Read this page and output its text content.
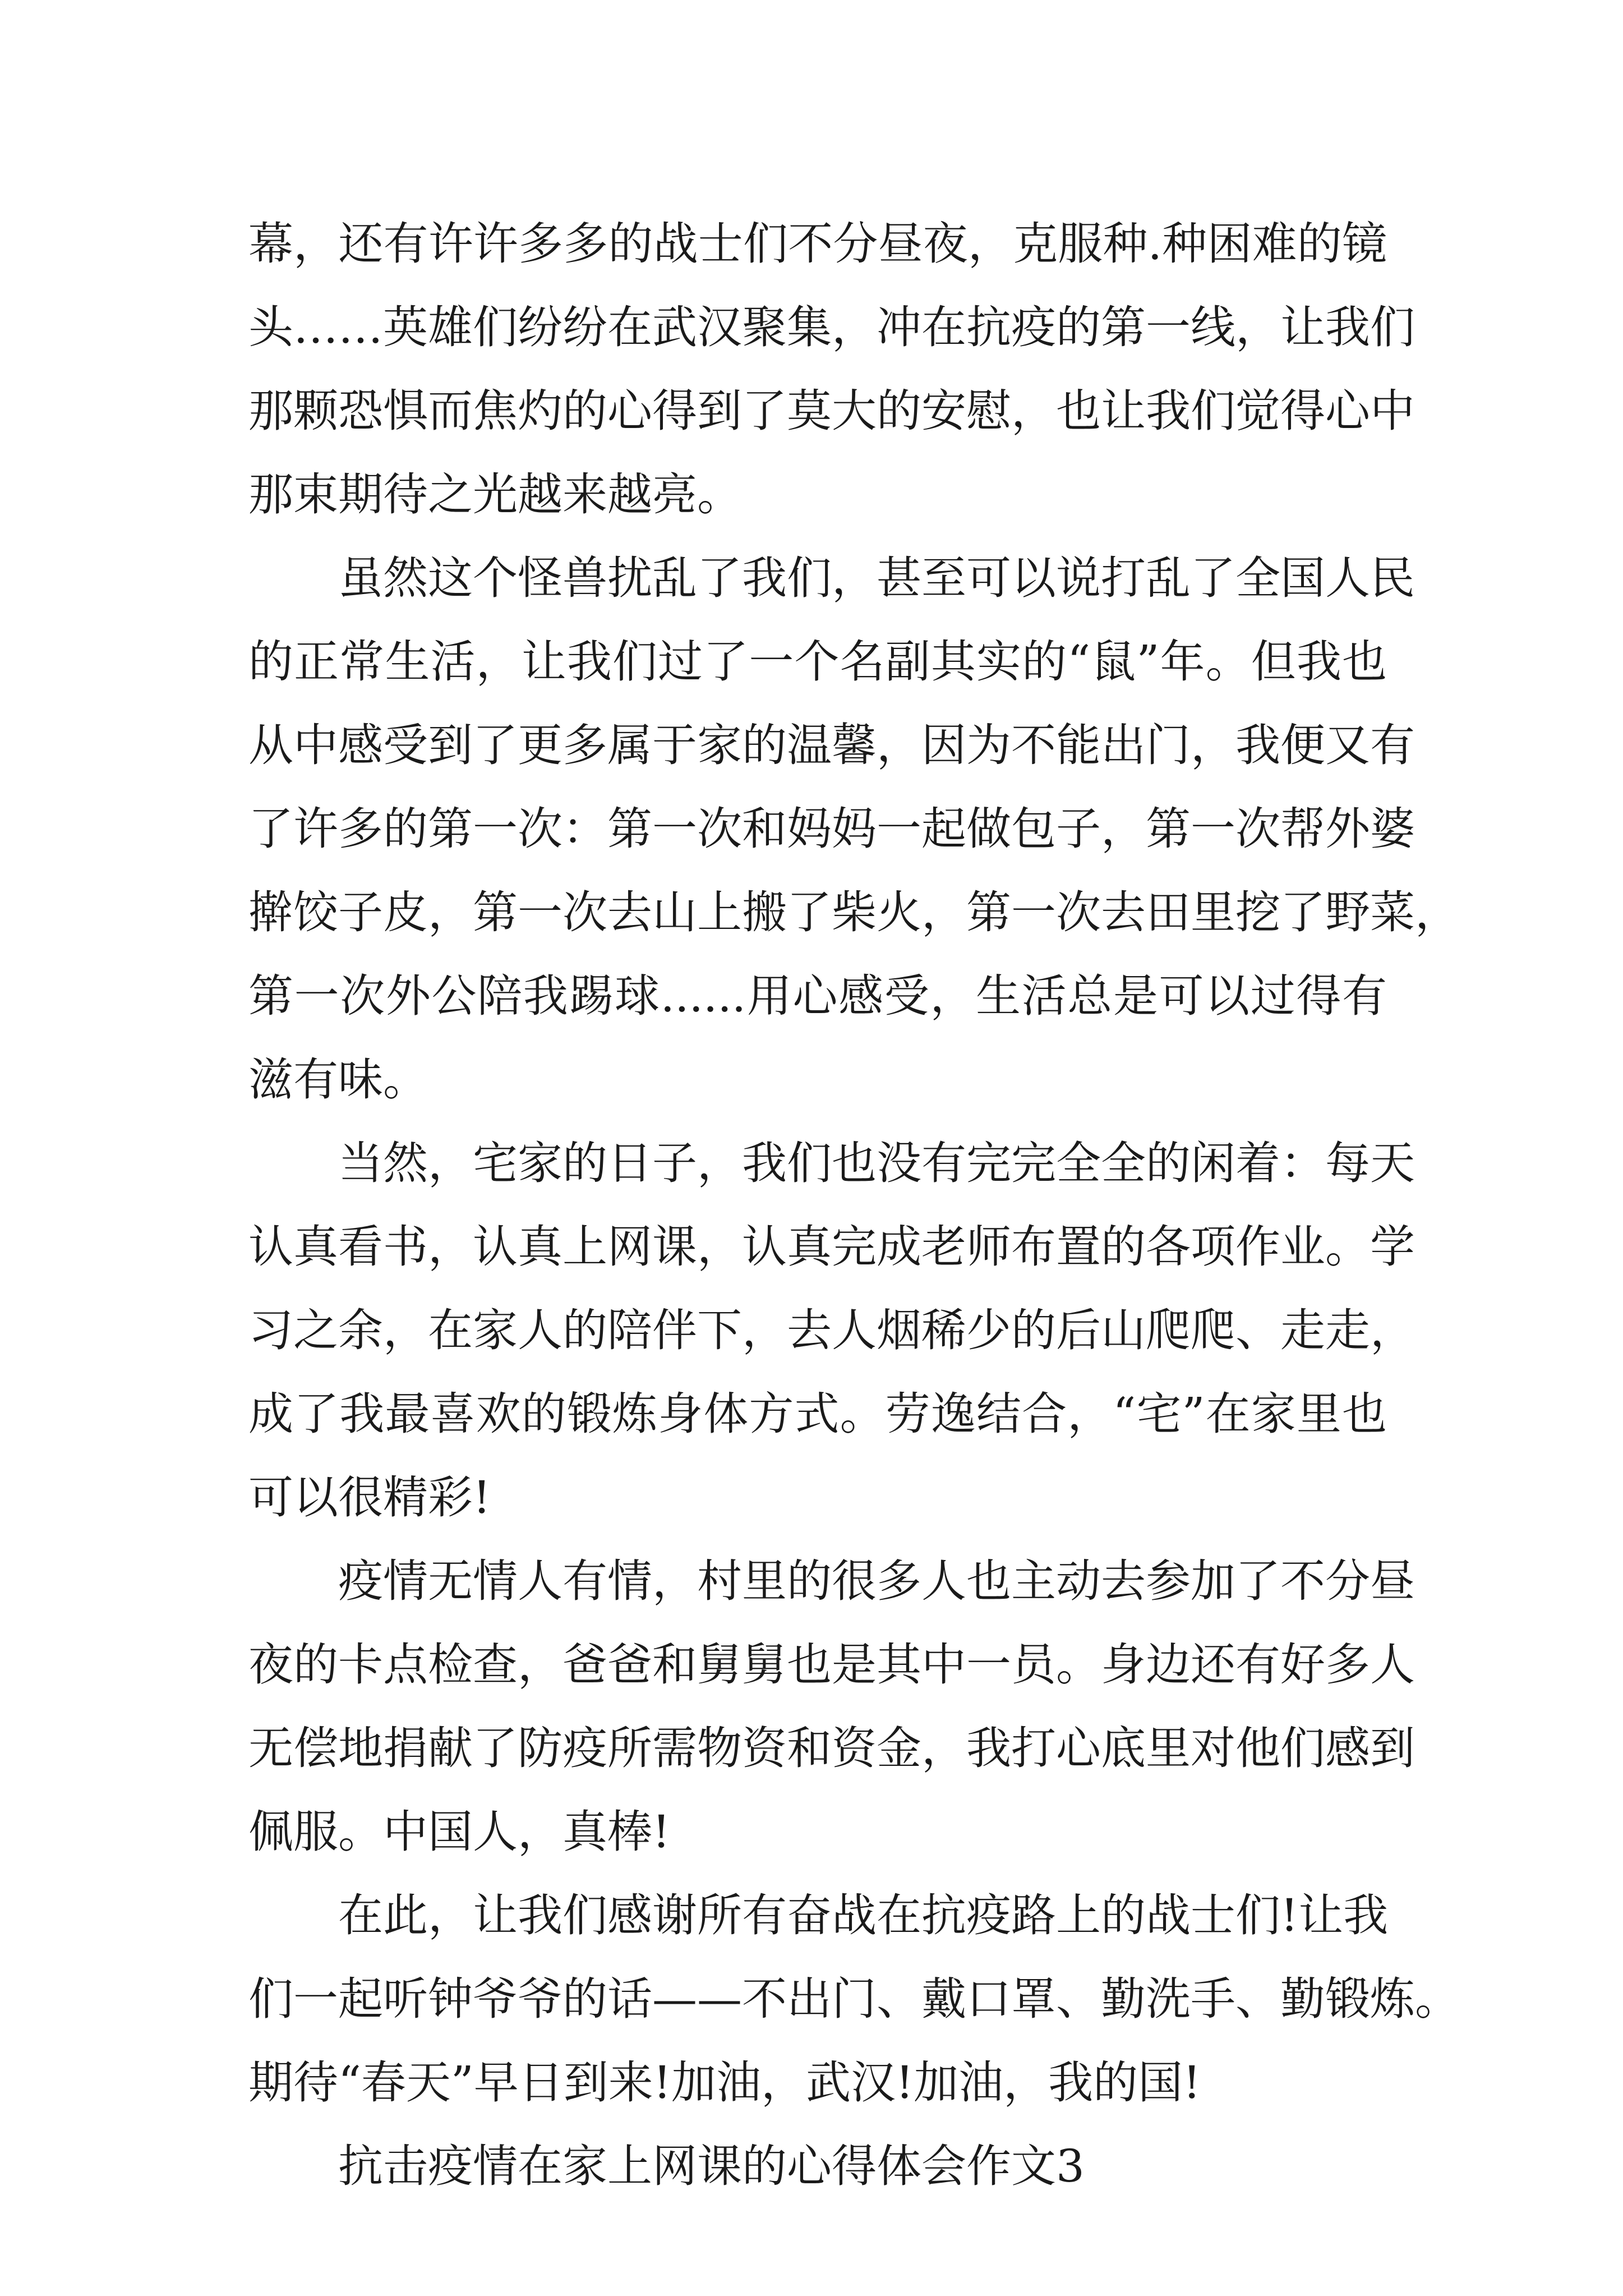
幕，还有许许多多的战士们不分昼夜，克服种.种困难的镜
头……英雄们纷纷在武汉聚集，冲在抗疫的第一线，让我们
那颗恐惧而焦灼的心得到了莫大的安慰，也让我们觉得心中
那束期待之光越来越亮。
虽然这个怪兽扰乱了我们，甚至可以说打乱了全国人民
的正常生活，让我们过了一个名副其实的“鼠”年。但我也
从中感受到了更多属于家的温馨，因为不能出门，我便又有
了许多的第一次：第一次和妈妈一起做包子，第一次帮外婆
擀饺子皮，第一次去山上搬了柴火，第一次去田里挖了野菜，
第一次外公陪我踢球......用心感受，生活总是可以过得有
滋有味。
当然，宅家的日子，我们也没有完完全全的闲着：每天
认真看书，认真上网课，认真完成老师布置的各项作业。学
习之余，在家人的陪伴下，去人烟稀少的后山爬爬、走走，
成了我最喜欢的锻炼身体方式。劳逸结合，“宅”在家里也
可以很精彩!
疫情无情人有情，村里的很多人也主动去参加了不分昼
夜的卡点检查，爸爸和舅舅也是其中一员。身边还有好多人
无偿地捐献了防疫所需物资和资金，我打心底里对他们感到
佩服。中国人，真棒!
在此，让我们感谢所有奋战在抗疫路上的战士们!让我
们一起听钟爷爷的话——不出门、戴口罩、勤洗手、勤锻炼。
期待“春天”早日到来!加油，武汉!加油，我的国!
抗击疫情在家上网课的心得体会作文3
